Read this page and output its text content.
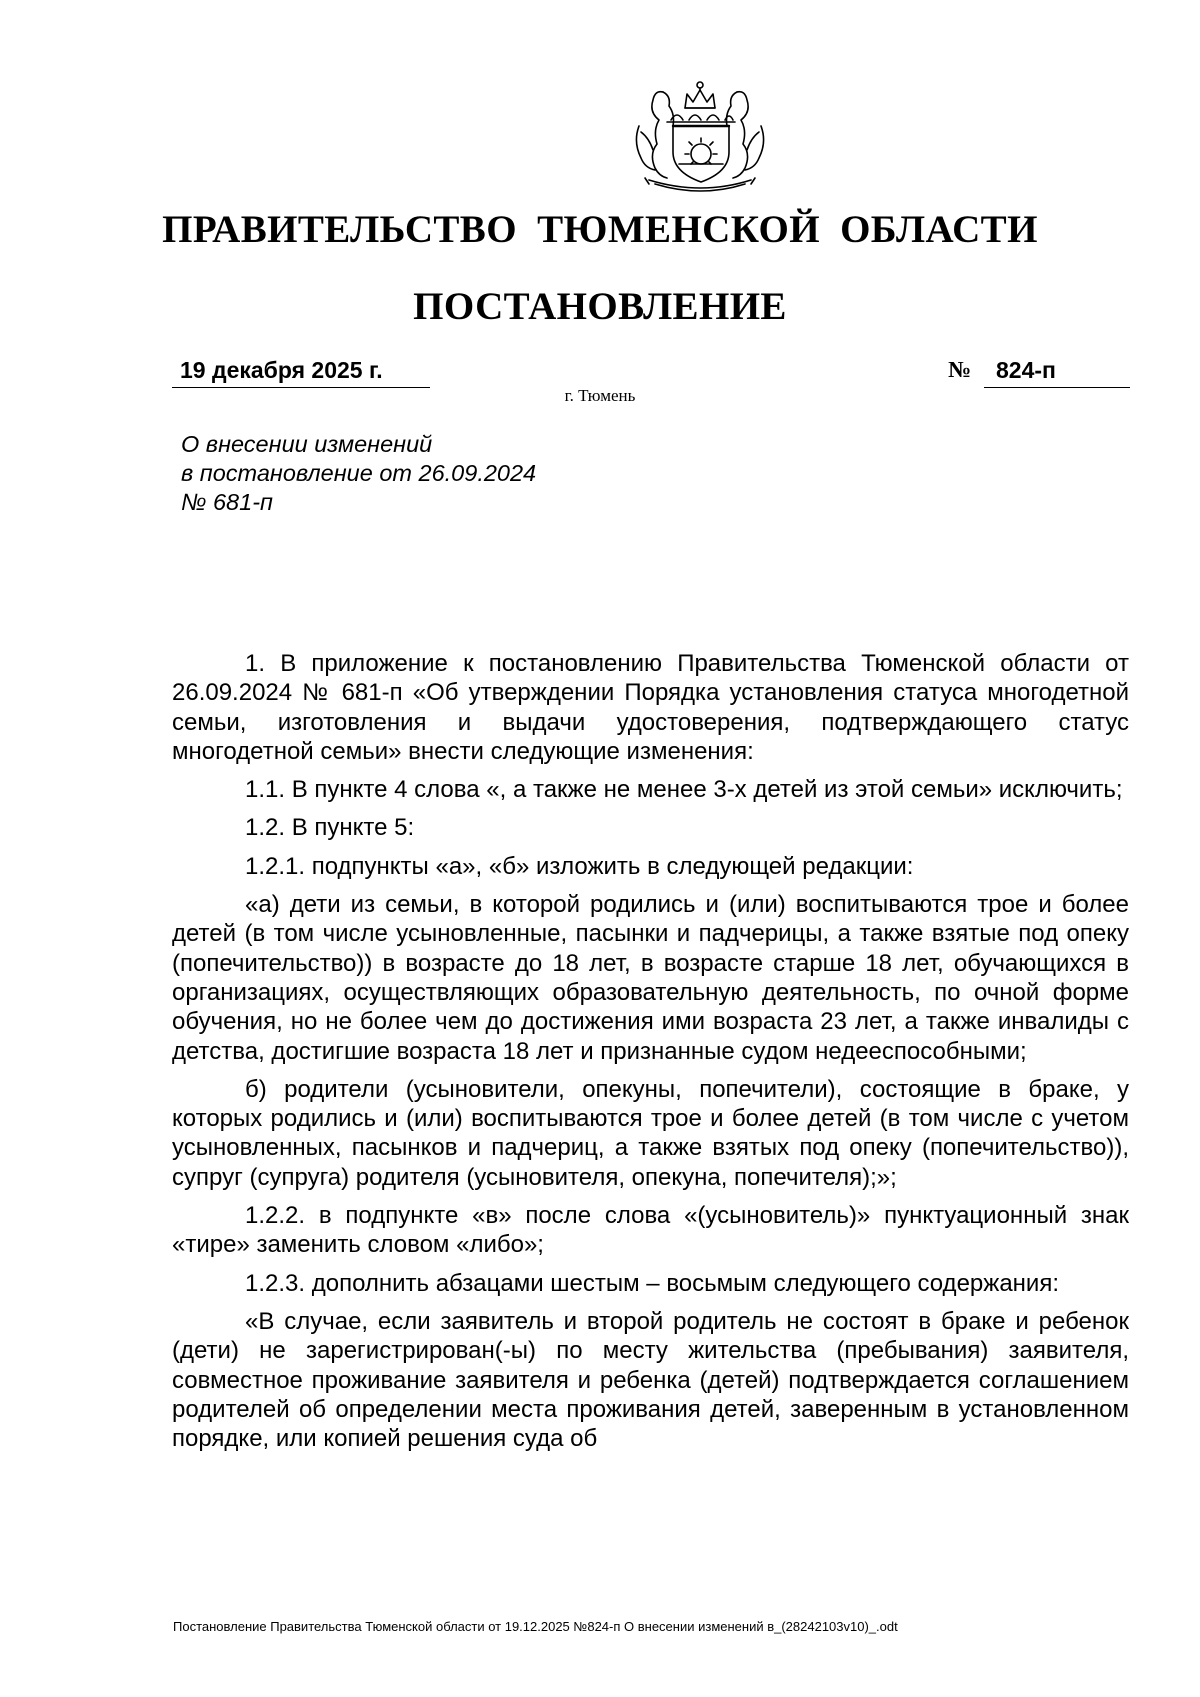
ПРАВИТЕЛЬСТВО ТЮМЕНСКОЙ ОБЛАСТИ
ПОСТАНОВЛЕНИЕ
19 декабря 2025 г.	№	824-п
г. Тюмень
О внесении изменений
в постановление от 26.09.2024
№ 681-п

1. В приложение к постановлению Правительства Тюменской области от 26.09.2024 № 681-п «Об утверждении Порядка установления статуса многодетной семьи, изготовления и выдачи удостоверения, подтверждающего статус многодетной семьи» внести следующие изменения:

1.1. В пункте 4 слова «, а также не менее 3-х детей из этой семьи» исключить;

1.2. В пункте 5:

1.2.1. подпункты «а», «б» изложить в следующей редакции:

«а) дети из семьи, в которой родились и (или) воспитываются трое и более детей (в том числе усыновленные, пасынки и падчерицы, а также взятые под опеку (попечительство)) в возрасте до 18 лет, в возрасте старше 18 лет, обучающихся в организациях, осуществляющих образовательную деятельность, по очной форме обучения, но не более чем до достижения ими возраста 23 лет, а также инвалиды с детства, достигшие возраста 18 лет и признанные судом недееспособными;

б) родители (усыновители, опекуны, попечители), состоящие в браке, у которых родились и (или) воспитываются трое и более детей (в том числе с учетом усыновленных, пасынков и падчериц, а также взятых под опеку (попечительство)), супруг (супруга) родителя (усыновителя, опекуна, попечителя);»;

1.2.2. в подпункте «в» после слова «(усыновитель)» пунктуационный знак «тире» заменить словом «либо»;

1.2.3. дополнить абзацами шестым – восьмым следующего содержания:

«В случае, если заявитель и второй родитель не состоят в браке и ребенок (дети) не зарегистрирован(-ы) по месту жительства (пребывания) заявителя, совместное проживание заявителя и ребенка (детей) подтверждается соглашением родителей об определении места проживания детей, заверенным в установленном порядке, или копией решения суда об

Постановление Правительства Тюменской области от 19.12.2025 №824-п О внесении изменений в_(28242103v10)_.odt
